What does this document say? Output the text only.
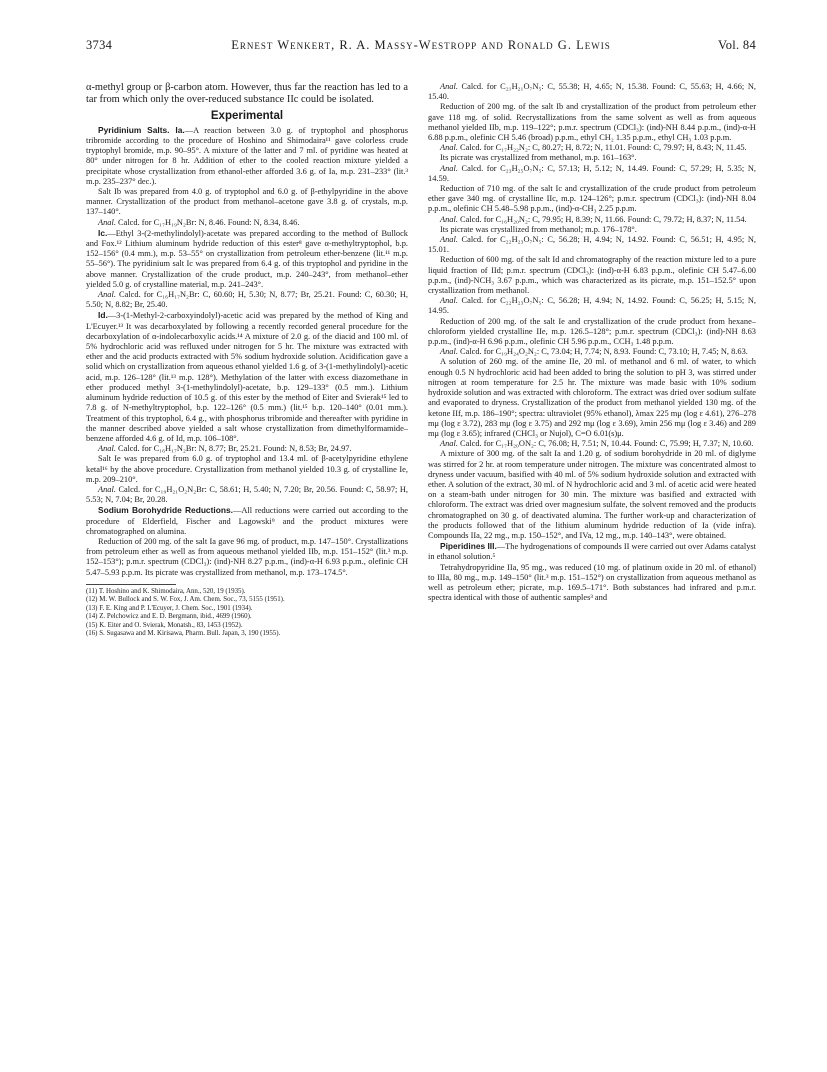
3734	Ernest Wenkert, R. A. Massy-Westropp and Ronald G. Lewis	Vol. 84

α-methyl group or β-carbon atom. However, thus far the reaction has led to a tar from which only the over-reduced substance IIc could be isolated.

Experimental

Pyridinium Salts. Ia.—A reaction between 3.0 g. of tryptophol and phosphorus tribromide according to the procedure of Hoshino and Shimodaira¹¹ gave colorless crude tryptophyl bromide, m.p. 90–95°. A mixture of the latter and 7 ml. of pyridine was heated at 80° under nitrogen for 8 hr. Addition of ether to the cooled reaction mixture yielded a precipitate whose crystallization from ethanol-ether afforded 3.6 g. of Ia, m.p. 231–233° (lit.³ m.p. 235–237° dec.).

Salt Ib was prepared from 4.0 g. of tryptophol and 6.0 g. of β-ethylpyridine in the above manner. Crystallization of the product from methanol–acetone gave 3.8 g. of crystals, m.p. 137–140°.

Anal. Calcd. for C₁₇H₁₉N₂Br: N, 8.46. Found: N, 8.34, 8.46.

Ic.—Ethyl 3-(2-methylindolyl)-acetate was prepared according to the method of Bullock and Fox.¹² Lithium aluminum hydride reduction of this ester⁸ gave α-methyltryptophol, b.p. 152–156° (0.4 mm.), m.p. 53–55° on crystallization from petroleum ether-benzene (lit.¹¹ m.p. 55–56°). The pyridinium salt Ic was prepared from 6.4 g. of this tryptophol and pyridine in the above manner. Crystallization of the crude product, m.p. 240–243°, from methanol–ether yielded 5.0 g. of crystalline material, m.p. 241–243°.

Anal. Calcd. for C₁₆H₁₇N₂Br: C, 60.60; H, 5.30; N, 8.77; Br, 25.21. Found: C, 60.30; H, 5.50; N, 8.82; Br, 25.40.

Id.—3-(1-Methyl-2-carboxyindolyl)-acetic acid was prepared by the method of King and L'Ecuyer.¹³ It was decarboxylated by following a recently recorded general procedure for the decarboxylation of α-indolecarboxylic acids.¹⁴ A mixture of 2.0 g. of the diacid and 100 ml. of 5% hydrochloric acid was refluxed under nitrogen for 5 hr. The mixture was extracted with ether and the acid products extracted with 5% sodium hydroxide solution. Acidification gave a solid which on crystallization from aqueous ethanol yielded 1.6 g. of 3-(1-methylindolyl)-acetic acid, m.p. 126–128° (lit.¹³ m.p. 128°). Methylation of the latter with excess diazomethane in ether produced methyl 3-(1-methylindolyl)-acetate, b.p. 129–133° (0.5 mm.). Lithium aluminum hydride reduction of 10.5 g. of this ester by the method of Eiter and Svierak¹⁵ led to 7.8 g. of N-methyltryptophol, b.p. 122–126° (0.5 mm.) (lit.¹⁵ b.p. 120–140° (0.01 mm.). Treatment of this tryptophol, 6.4 g., with phosphorus tribromide and thereafter with pyridine in the manner described above yielded a salt whose crystallization from dimethylformamide–benzene afforded 4.6 g. of Id, m.p. 106–108°.

Anal. Calcd. for C₁₆H₁₇N₂Br: N, 8.77; Br, 25.21. Found: N, 8.53; Br, 24.97.

Salt Ie was prepared from 6.0 g. of tryptophol and 13.4 ml. of β-acetylpyridine ethylene ketal¹⁶ by the above procedure. Crystallization from methanol yielded 10.3 g. of crystalline Ie, m.p. 209–210°.

Anal. Calcd. for C₁₉H₂₁O₂N₂Br: C, 58.61; H, 5.40; N, 7.20; Br, 20.56. Found: C, 58.97; H, 5.53; N, 7.04; Br, 20.28.

Sodium Borohydride Reductions.—All reductions were carried out according to the procedure of Elderfield, Fischer and Lagowski⁹ and the product mixtures were chromatographed on alumina.

Reduction of 200 mg. of the salt Ia gave 96 mg. of product, m.p. 147–150°. Crystallizations from petroleum ether as well as from aqueous methanol yielded IIb, m.p. 151–152° (lit.³ m.p. 152–153°); p.m.r. spectrum (CDCl₃): (ind)-NH 8.27 p.p.m., (ind)-α-H 6.93 p.p.m., olefinic CH 5.47–5.93 p.p.m. Its picrate was crystallized from methanol, m.p. 173–174.5°.

(11) T. Hoshino and K. Shimodaira, Ann., 520, 19 (1935).

(12) M. W. Bullock and S. W. Fox, J. Am. Chem. Soc., 73, 5155 (1951).

(13) F. E. King and P. L'Ecuyer, J. Chem. Soc., 1901 (1934).

(14) Z. Pelchowicz and E. D. Bergmann, ibid., 4699 (1960).

(15) K. Eiter and O. Svierak, Monatsh., 83, 1453 (1952).

(16) S. Sugasawa and M. Kirisawa, Pharm. Bull. Japan, 3, 190 (1955).

Anal. Calcd. for C₂₁H₂₁O₇N₅: C, 55.38; H, 4.65; N, 15.38. Found: C, 55.63; H, 4.66; N, 15.40.

Reduction of 200 mg. of the salt Ib and crystallization of the product from petroleum ether gave 118 mg. of solid. Recrystallizations from the same solvent as well as from aqueous methanol yielded IIb, m.p. 119–122°; p.m.r. spectrum (CDCl₃): (ind)-NH 8.44 p.p.m., (ind)-α-H 6.88 p.p.m., olefinic CH 5.46 (broad) p.p.m., ethyl CH₂ 1.35 p.p.m., ethyl CH₃ 1.03 p.p.m.

Anal. Calcd. for C₁₇H₂₂N₂: C, 80.27; H, 8.72; N, 11.01. Found: C, 79.97; H, 8.43; N, 11.45.

Its picrate was crystallized from methanol, m.p. 161–163°.

Anal. Calcd. for C₂₃H₂₅O₇N₅: C, 57.13; H, 5.12; N, 14.49. Found: C, 57.29; H, 5.35; N, 14.59.

Reduction of 710 mg. of the salt Ic and crystallization of the crude product from petroleum ether gave 340 mg. of crystalline IIc, m.p. 124–126°; p.m.r. spectrum (CDCl₃): (ind)-NH 8.04 p.p.m., olefinic CH 5.48–5.98 p.p.m., (ind)-α-CH₃ 2.25 p.p.m.

Anal. Calcd. for C₁₆H₂₀N₂: C, 79.95; H, 8.39; N, 11.66. Found: C, 79.72; H, 8.37; N, 11.54.

Its picrate was crystallized from methanol; m.p. 176–178°.

Anal. Calcd. for C₂₂H₂₃O₇N₅: C, 56.28; H, 4.94; N, 14.92. Found: C, 56.51; H, 4.95; N, 15.01.

Reduction of 600 mg. of the salt Id and chromatography of the reaction mixture led to a pure liquid fraction of IId; p.m.r. spectrum (CDCl₃): (ind)-α-H 6.83 p.p.m., olefinic CH 5.47–6.00 p.p.m., (ind)-NCH₃ 3.67 p.p.m., which was characterized as its picrate, m.p. 151–152.5° upon crystallization from methanol.

Anal. Calcd. for C₂₂H₂₃O₇N₅: C, 56.28; H, 4.94; N, 14.92. Found: C, 56.25; H, 5.15; N, 14.95.

Reduction of 200 mg. of the salt Ie and crystallization of the crude product from hexane–chloroform yielded crystalline IIe, m.p. 126.5–128°; p.m.r. spectrum (CDCl₃): (ind)-NH 8.63 p.p.m., (ind)-α-H 6.96 p.p.m., olefinic CH 5.96 p.p.m., CCH₃ 1.48 p.p.m.

Anal. Calcd. for C₁₉H₂₄O₂N₂: C, 73.04; H, 7.74; N, 8.93. Found: C, 73.10; H, 7.45; N, 8.63.

A solution of 260 mg. of the amine IIe, 20 ml. of methanol and 6 ml. of water, to which enough 0.5 N hydrochloric acid had been added to bring the solution to pH 3, was stirred under nitrogen at room temperature for 2.5 hr. The mixture was made basic with 10% sodium hydroxide solution and was extracted with chloroform. The extract was dried over sodium sulfate and evaporated to dryness. Crystallization of the product from methanol yielded 130 mg. of the ketone IIf, m.p. 186–190°; spectra: ultraviolet (95% ethanol), λmax 225 mμ (log ε 4.61), 276–278 mμ (log ε 3.72), 283 mμ (log ε 3.75) and 292 mμ (log ε 3.69), λmin 256 mμ (log ε 3.46) and 289 mμ (log ε 3.65); infrared (CHCl₃ or Nujol), C=O 6.01(s)μ.

Anal. Calcd. for C₁₇H₂₀ON₂: C, 76.08; H, 7.51; N, 10.44. Found: C, 75.99; H, 7.37; N, 10.60.

A mixture of 300 mg. of the salt Ia and 1.20 g. of sodium borohydride in 20 ml. of diglyme was stirred for 2 hr. at room temperature under nitrogen. The mixture was concentrated almost to dryness under vacuum, basified with 40 ml. of 5% sodium hydroxide solution and extracted with ether. A solution of the extract, 30 ml. of N hydrochloric acid and 3 ml. of acetic acid were heated on a steam-bath under nitrogen for 30 min. The mixture was basified and extracted with chloroform. The extract was dried over magnesium sulfate, the solvent removed and the products chromatographed on 30 g. of deactivated alumina. The further work-up and characterization of the products followed that of the lithium aluminum hydride reduction of Ia (vide infra). Compounds IIa, 22 mg., m.p. 150–152°, and IVa, 12 mg., m.p. 140–143°, were obtained.

Piperidines III.—The hydrogenations of compounds II were carried out over Adams catalyst in ethanol solution.⁵

Tetrahydropyridine IIa, 95 mg., was reduced (10 mg. of platinum oxide in 20 ml. of ethanol) to IIIa, 80 mg., m.p. 149–150° (lit.³ m.p. 151–152°) on crystallization from aqueous methanol as well as petroleum ether; picrate, m.p. 169.5–171°. Both substances had infrared and p.m.r. spectra identical with those of authentic samples³ and
